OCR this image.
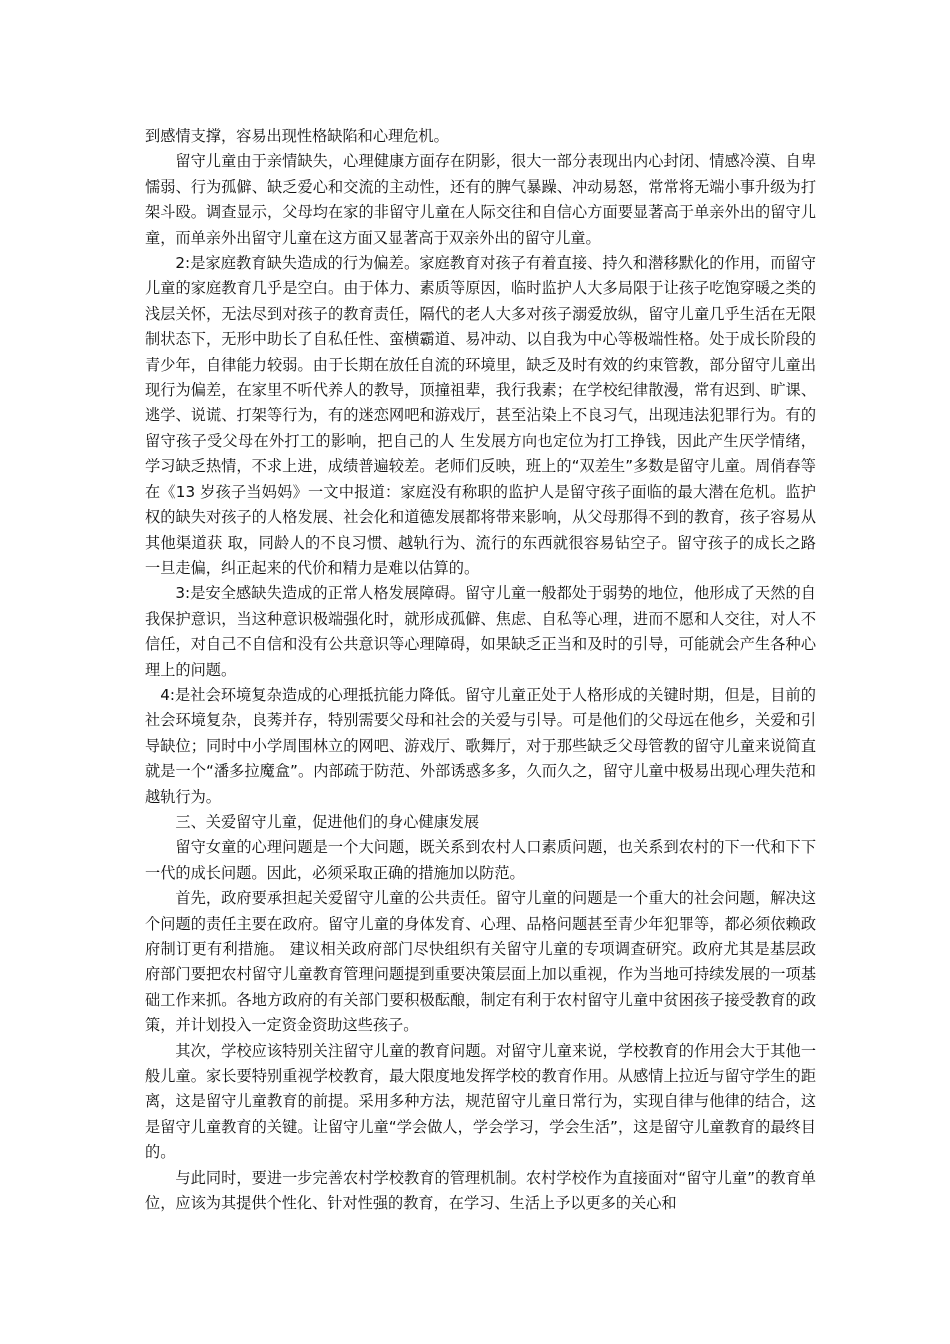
到感情支撑，容易出现性格缺陷和心理危机。

留守儿童由于亲情缺失，心理健康方面存在阴影，很大一部分表现出内心封闭、情感冷漠、自卑懦弱、行为孤僻、缺乏爱心和交流的主动性，还有的脾气暴躁、冲动易怒，常常将无端小事升级为打架斗殴。调查显示，父母均在家的非留守儿童在人际交往和自信心方面要显著高于单亲外出的留守儿童，而单亲外出留守儿童在这方面又显著高于双亲外出的留守儿童。

2:是家庭教育缺失造成的行为偏差。家庭教育对孩子有着直接、持久和潜移默化的作用，而留守儿童的家庭教育几乎是空白。由于体力、素质等原因，临时监护人大多局限于让孩子吃饱穿暖之类的浅层关怀，无法尽到对孩子的教育责任，隔代的老人大多对孩子溺爱放纵，留守儿童几乎生活在无限制状态下，无形中助长了自私任性、蛮横霸道、易冲动、以自我为中心等极端性格。处于成长阶段的青少年，自律能力较弱。由于长期在放任自流的环境里，缺乏及时有效的约束管教，部分留守儿童出现行为偏差，在家里不听代养人的教导，顶撞祖辈，我行我素；在学校纪律散漫，常有迟到、旷课、逃学、说谎、打架等行为，有的迷恋网吧和游戏厅，甚至沾染上不良习气，出现违法犯罪行为。有的留守孩子受父母在外打工的影响，把自己的人 生发展方向也定位为打工挣钱，因此产生厌学情绪，学习缺乏热情，不求上进，成绩普遍较差。老师们反映，班上的“双差生”多数是留守儿童。周俏春等在《13 岁孩子当妈妈》一文中报道：家庭没有称职的监护人是留守孩子面临的最大潜在危机。监护权的缺失对孩子的人格发展、社会化和道德发展都将带来影响，从父母那得不到的教育，孩子容易从其他渠道获 取，同龄人的不良习惯、越轨行为、流行的东西就很容易钻空子。留守孩子的成长之路一旦走偏，纠正起来的代价和精力是难以估算的。

3:是安全感缺失造成的正常人格发展障碍。留守儿童一般都处于弱势的地位，他形成了天然的自我保护意识，当这种意识极端强化时，就形成孤僻、焦虑、自私等心理，进而不愿和人交往，对人不信任，对自己不自信和没有公共意识等心理障碍，如果缺乏正当和及时的引导，可能就会产生各种心理上的问题。

4:是社会环境复杂造成的心理抵抗能力降低。留守儿童正处于人格形成的关键时期，但是，目前的社会环境复杂，良莠并存，特别需要父母和社会的关爱与引导。可是他们的父母远在他乡，关爱和引导缺位；同时中小学周围林立的网吧、游戏厅、歌舞厅，对于那些缺乏父母管教的留守儿童来说简直就是一个“潘多拉魔盒”。内部疏于防范、外部诱惑多多，久而久之，留守儿童中极易出现心理失范和越轨行为。

三、关爱留守儿童，促进他们的身心健康发展

留守女童的心理问题是一个大问题，既关系到农村人口素质问题，也关系到农村的下一代和下下一代的成长问题。因此，必须采取正确的措施加以防范。

首先，政府要承担起关爱留守儿童的公共责任。留守儿童的问题是一个重大的社会问题，解决这个问题的责任主要在政府。留守儿童的身体发育、心理、品格问题甚至青少年犯罪等，都必须依赖政府制订更有利措施。 建议相关政府部门尽快组织有关留守儿童的专项调查研究。政府尤其是基层政府部门要把农村留守儿童教育管理问题提到重要决策层面上加以重视，作为当地可持续发展的一项基础工作来抓。各地方政府的有关部门要积极酝酿，制定有利于农村留守儿童中贫困孩子接受教育的政策，并计划投入一定资金资助这些孩子。

其次，学校应该特别关注留守儿童的教育问题。对留守儿童来说，学校教育的作用会大于其他一般儿童。家长要特别重视学校教育，最大限度地发挥学校的教育作用。从感情上拉近与留守学生的距离，这是留守儿童教育的前提。采用多种方法，规范留守儿童日常行为，实现自律与他律的结合，这是留守儿童教育的关键。让留守儿童“学会做人，学会学习，学会生活”，这是留守儿童教育的最终目的。

与此同时，要进一步完善农村学校教育的管理机制。农村学校作为直接面对“留守儿童”的教育单位，应该为其提供个性化、针对性强的教育，在学习、生活上予以更多的关心和
